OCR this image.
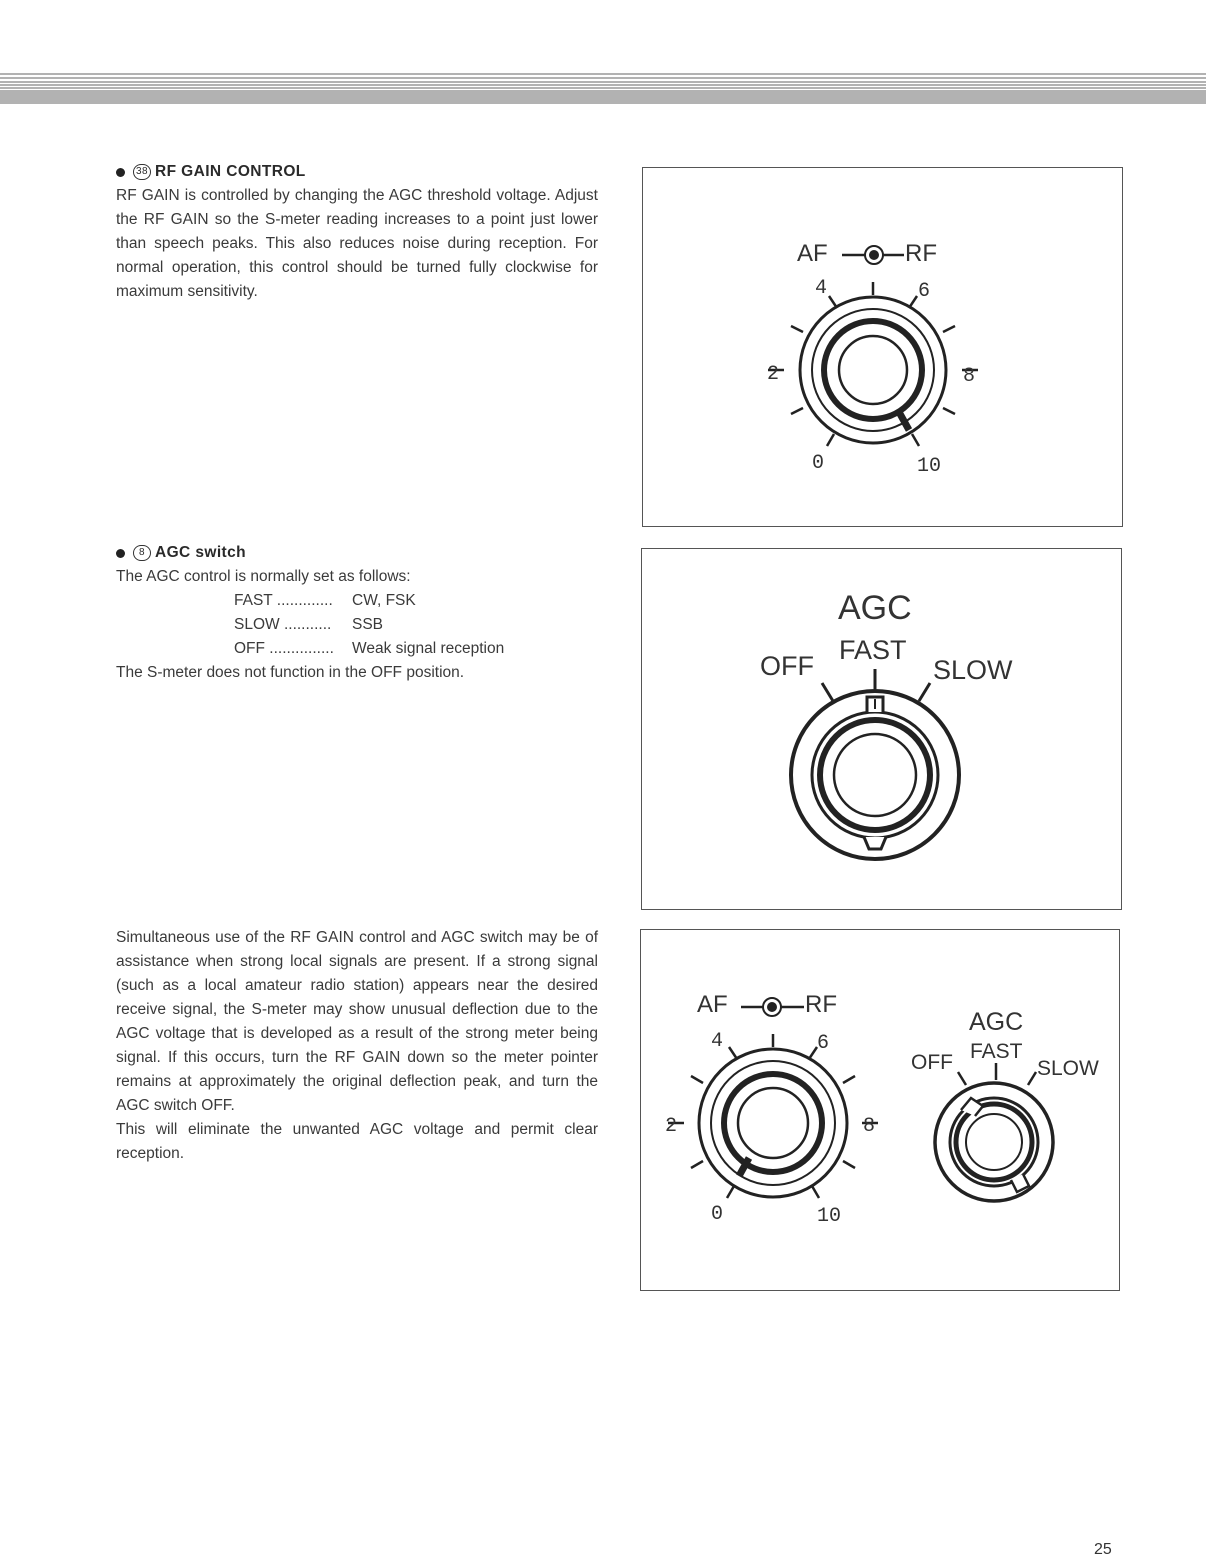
38 RF GAIN CONTROL
RF GAIN is controlled by changing the AGC threshold voltage. Adjust the RF GAIN so the S-meter reading increases to a point just lower than speech peaks. This also reduces noise during reception. For normal operation, this control should be turned fully clockwise for maximum sensitivity.
8 AGC switch
The AGC control is normally set as follows:
FAST .............	CW, FSK
SLOW ...........	SSB
OFF ...............	Weak signal reception
The S-meter does not function in the OFF position.
Simultaneous use of the RF GAIN control and AGC switch may be of assistance when strong local signals are present. If a strong signal (such as a local amateur radio station) appears near the desired receive signal, the S-meter may show unusual deflection due to the AGC voltage that is developed as a result of the strong meter being signal. If this occurs, turn the RF GAIN down so the meter pointer remains at approximately the original deflection peak, and turn the AGC switch OFF.
This will eliminate the unwanted AGC voltage and permit clear reception.
AF	RF
4	6
2	8
0	10
AGC
FAST
OFF	SLOW
AF	RF
4	6
2	8
0	10
AGC
FAST
OFF	SLOW
25
